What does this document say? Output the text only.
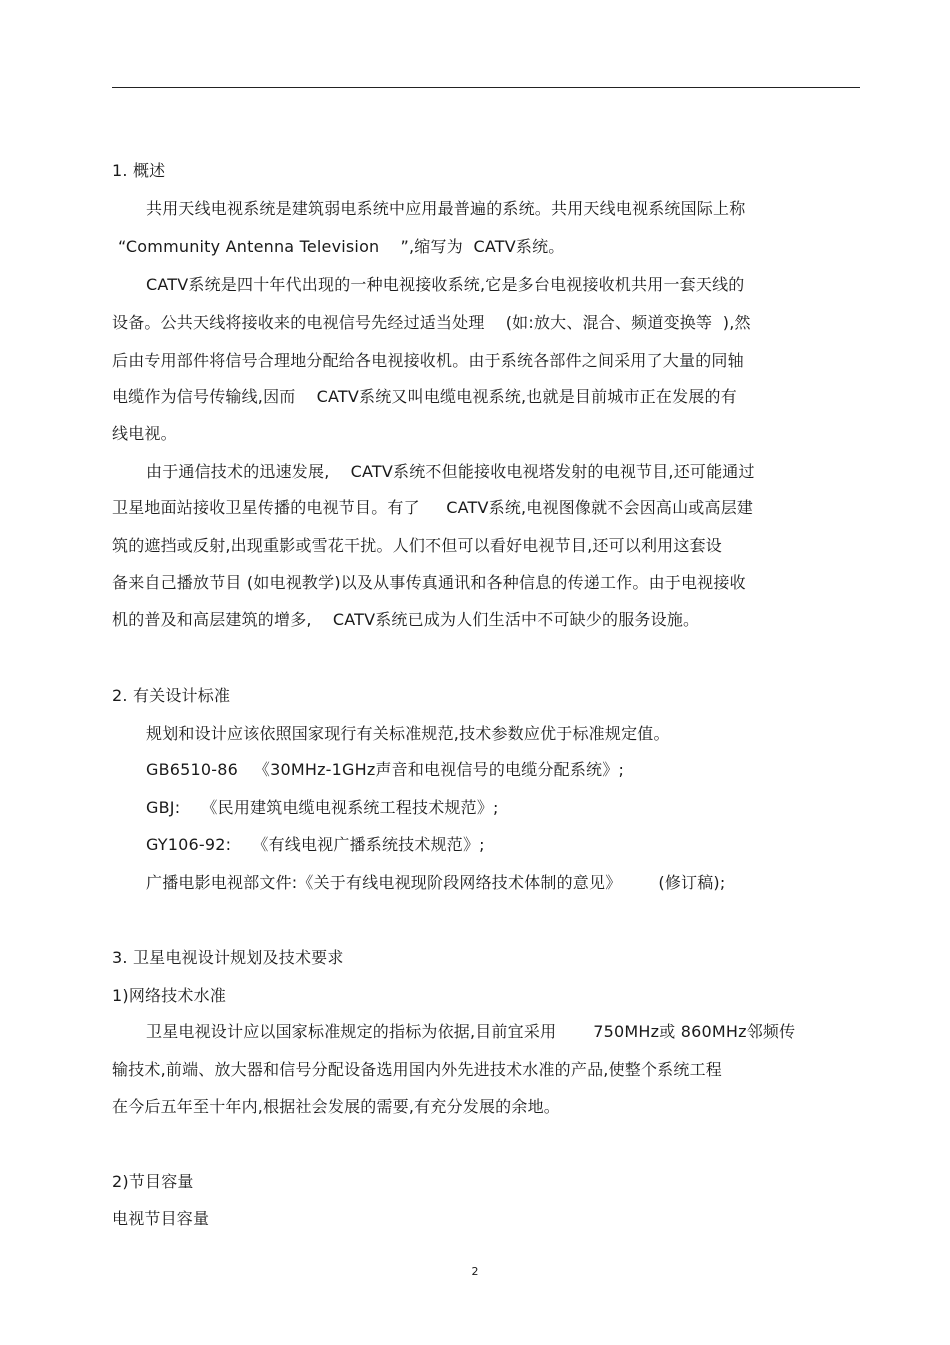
1. 概述
共用天线电视系统是建筑弱电系统中应用最普遍的系统。共用天线电视系统国际上称
“Community Antenna Television    ”,缩写为  CATV系统。
CATV系统是四十年代出现的一种电视接收系统,它是多台电视接收机共用一套天线的
设备。公共天线将接收来的电视信号先经过适当处理    (如:放大、混合、频道变换等  ),然
后由专用部件将信号合理地分配给各电视接收机。由于系统各部件之间采用了大量的同轴
电缆作为信号传输线,因而    CATV系统又叫电缆电视系统,也就是目前城市正在发展的有
线电视。
由于通信技术的迅速发展,    CATV系统不但能接收电视塔发射的电视节目,还可能通过
卫星地面站接收卫星传播的电视节目。有了     CATV系统,电视图像就不会因高山或高层建
筑的遮挡或反射,出现重影或雪花干扰。人们不但可以看好电视节目,还可以利用这套设
备来自己播放节目 (如电视教学)以及从事传真通讯和各种信息的传递工作。由于电视接收
机的普及和高层建筑的增多,    CATV系统已成为人们生活中不可缺少的服务设施。
2. 有关设计标准
规划和设计应该依照国家现行有关标准规范,技术参数应优于标准规定值。
GB6510-86   《30MHz-1GHz声音和电视信号的电缆分配系统》;
GBJ:    《民用建筑电缆电视系统工程技术规范》;
GY106-92:    《有线电视广播系统技术规范》;
广播电影电视部文件:《关于有线电视现阶段网络技术体制的意见》       (修订稿);
3. 卫星电视设计规划及技术要求
1)网络技术水准
卫星电视设计应以国家标准规定的指标为依据,目前宜采用       750MHz或 860MHz邻频传
输技术,前端、放大器和信号分配设备选用国内外先进技术水准的产品,使整个系统工程
在今后五年至十年内,根据社会发展的需要,有充分发展的余地。
2)节目容量
电视节目容量
2
